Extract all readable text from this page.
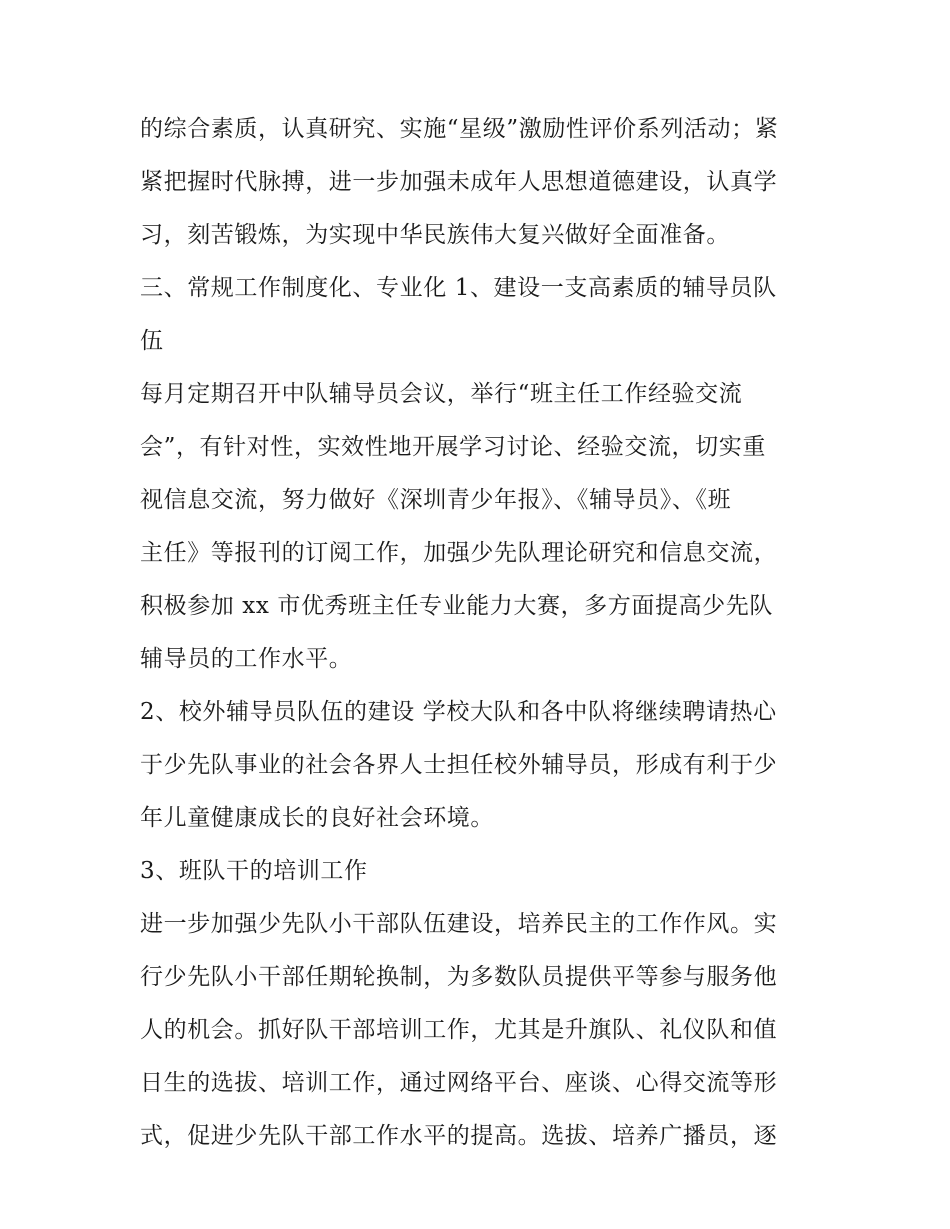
的综合素质，认真研究、实施“星级”激励性评价系列活动；紧
紧把握时代脉搏，进一步加强未成年人思想道德建设，认真学
习，刻苦锻炼，为实现中华民族伟大复兴做好全面准备。
三、常规工作制度化、专业化 1、建设一支高素质的辅导员队
伍
每月定期召开中队辅导员会议，举行“班主任工作经验交流
会”，有针对性，实效性地开展学习讨论、经验交流，切实重
视信息交流，努力做好《深圳青少年报》、《辅导员》、《班
主任》等报刊的订阅工作，加强少先队理论研究和信息交流，
积极参加 xx 市优秀班主任专业能力大赛，多方面提高少先队
辅导员的工作水平。
2、校外辅导员队伍的建设 学校大队和各中队将继续聘请热心
于少先队事业的社会各界人士担任校外辅导员，形成有利于少
年儿童健康成长的良好社会环境。
3、班队干的培训工作
进一步加强少先队小干部队伍建设，培养民主的工作作风。实
行少先队小干部任期轮换制，为多数队员提供平等参与服务他
人的机会。抓好队干部培训工作，尤其是升旗队、礼仪队和值
日生的选拔、培训工作，通过网络平台、座谈、心得交流等形
式，促进少先队干部工作水平的提高。选拔、培养广播员，逐
